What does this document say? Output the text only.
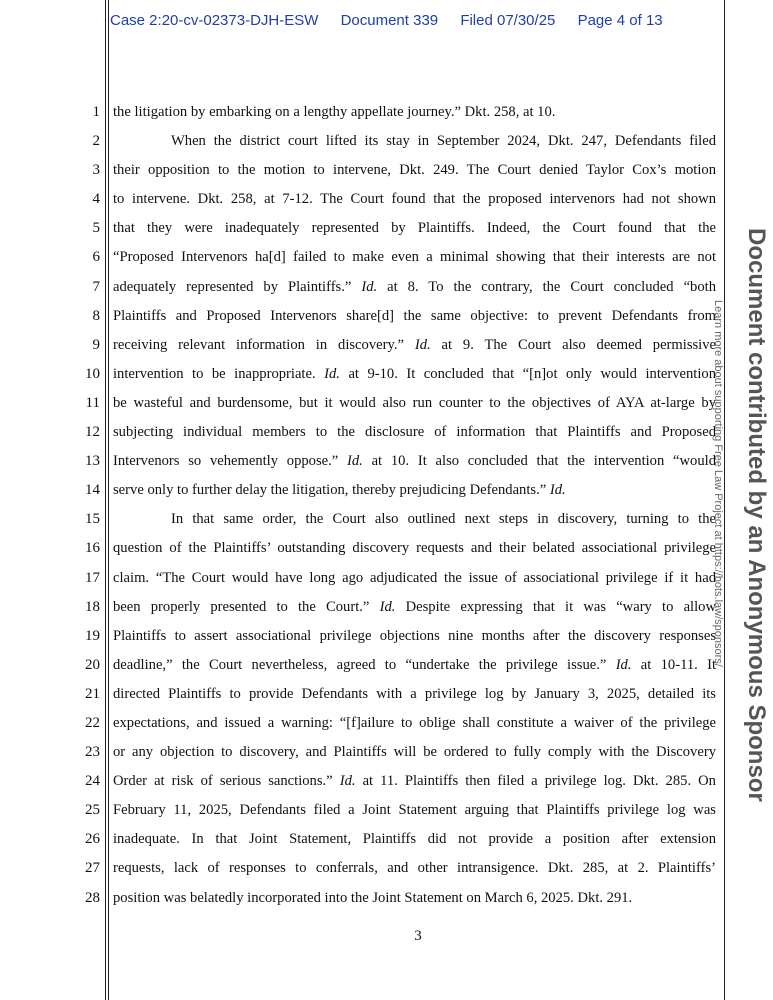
Case 2:20-cv-02373-DJH-ESW Document 339 Filed 07/30/25 Page 4 of 13
1
2
3
4
5
6
7
8
9
10
11
12
13
14
15
16
17
18
19
20
21
22
23
24
25
26
27
28
the litigation by embarking on a lengthy appellate journey.” Dkt. 258, at 10.
When the district court lifted its stay in September 2024, Dkt. 247, Defendants filed
their opposition to the motion to intervene, Dkt. 249. The Court denied Taylor Cox’s motion
to intervene. Dkt. 258, at 7-12. The Court found that the proposed intervenors had not shown
that they were inadequately represented by Plaintiffs. Indeed, the Court found that the
“Proposed Intervenors ha[d] failed to make even a minimal showing that their interests are not
adequately represented by Plaintiffs.” Id. at 8. To the contrary, the Court concluded “both
Plaintiffs and Proposed Intervenors share[d] the same objective: to prevent Defendants from
receiving relevant information in discovery.” Id. at 9. The Court also deemed permissive
intervention to be inappropriate. Id. at 9-10. It concluded that “[n]ot only would intervention
be wasteful and burdensome, but it would also run counter to the objectives of AYA at-large by
subjecting individual members to the disclosure of information that Plaintiffs and Proposed
Intervenors so vehemently oppose.” Id. at 10. It also concluded that the intervention “would
serve only to further delay the litigation, thereby prejudicing Defendants.” Id.
In that same order, the Court also outlined next steps in discovery, turning to the
question of the Plaintiffs’ outstanding discovery requests and their belated associational privilege
claim. “The Court would have long ago adjudicated the issue of associational privilege if it had
been properly presented to the Court.” Id. Despite expressing that it was “wary to allow
Plaintiffs to assert associational privilege objections nine months after the discovery responses
deadline,” the Court nevertheless, agreed to “undertake the privilege issue.” Id. at 10-11. It
directed Plaintiffs to provide Defendants with a privilege log by January 3, 2025, detailed its
expectations, and issued a warning: “[f]ailure to oblige shall constitute a waiver of the privilege
or any objection to discovery, and Plaintiffs will be ordered to fully comply with the Discovery
Order at risk of serious sanctions.” Id. at 11. Plaintiffs then filed a privilege log. Dkt. 285. On
February 11, 2025, Defendants filed a Joint Statement arguing that Plaintiffs privilege log was
inadequate. In that Joint Statement, Plaintiffs did not provide a position after extension
requests, lack of responses to conferrals, and other intransigence. Dkt. 285, at 2. Plaintiffs’
position was belatedly incorporated into the Joint Statement on March 6, 2025. Dkt. 291.
3
Document contributed by an Anonymous Sponsor
Learn more about supporting Free Law Project at https://bots.law/sponsors/
